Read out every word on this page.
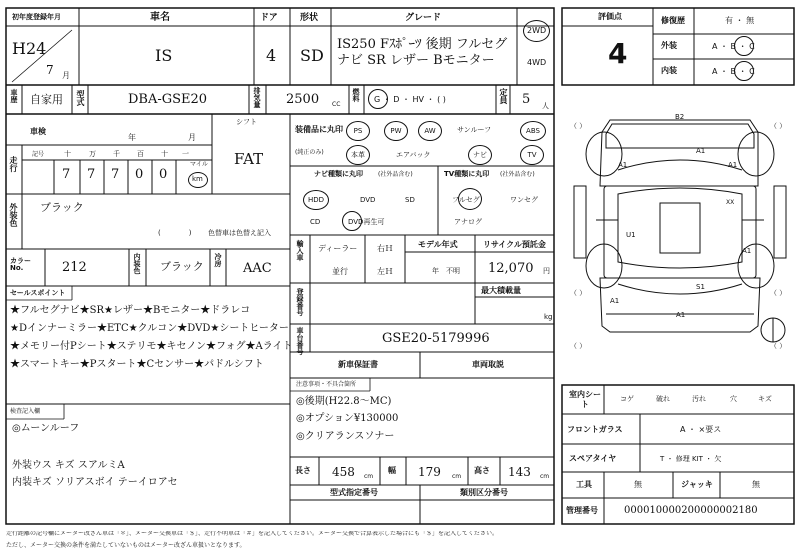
初年度登録年月	車名	ドア 形状	グレード
H24
7 月
IS	4 SD
IS250 Fｽﾎﾟｰﾂ 後期 フルセグナビ SR レザー Bモニター
2WD
4WD
車歴 自家用 型式	DBA-GSE20	排気量 2500 CC
燃料 G ・ D ・ HV ・ ( )	定員 5 人
車検
年	月
シフト
FAT
走行
記号	十	万 千 百 十 一
7 7 7 0 0
マイル
km
装備品に丸印
(純正のみ)
PS	PW	AW	サンルーフ	ABS
本革	エアバック	ナビ	TV
ナビ種類に丸印	(社外品含む)
HDD	DVD	SD
CD	DVD再生可
TV種類に丸印 (社外品含む)
フルセグ	ワンセグ
アナログ
外装色 ブラック
(　　　　) 色替車は色替え記入
輸入車 ディーラー
並行
右Ｈ
左Ｈ
モデル年式
年　不明
リサイクル預託金
12,070 円
カラーNo.	212	内装色 ブラック 冷房
AAC
登録番号	最大積載量
kg
車台番号	GSE20-5179996
新車保証書	車両取説
セールスポイント
★フルセグナビ★SR★レザー★Bモニター★ドラレコ
★Dインナーミラー★ETC★クルコン★DVD★シートヒーター
★メモリー付Pシート★ステリモ★キセノン★フォグ★Aライト
★スマートキー★Pスタート★Cセンサー★パドルシフト
注意事項・不具合箇所
◎後期(H22.8～MC)
◎オプション¥130000
◎クリアランスソナー
検査記入欄
◎ムーンルーフ
外装ウス キズ スアルミA
内装キズ ソリアスボイ テーイロアセ
長さ 458 cm
幅 179 cm
高さ 143 cm
型式指定番号	類別区分番号
評価点
4
修復歴	有 ・ 無
外装	A ・ B ・ C
内装	A ・ B ・ C
B2
A1
A1	A1
XX
U1
A1
A1
S1
A1
（ ）	（ ）
（ ）	（ ）
（ ）	（ ）
室内シート
コゲ	破れ	汚れ	穴	キズ
フロントガラス	A ・ ×要ス
スペアタイヤ	T ・ 修理 KIT ・ 欠
工具	無	ジャッキ	無
管理番号	000010000200000002180
走行距離の記号欄にメーター改ざん車は「＊」、メーター交換車は「＄」、走行不明車は「＃」を記入してください。メーター交換で合算表示した場合にも「＄」を記入してください。
ただし、メーター交換の条件を満たしていないものはメーター改ざん車扱いとなります。
